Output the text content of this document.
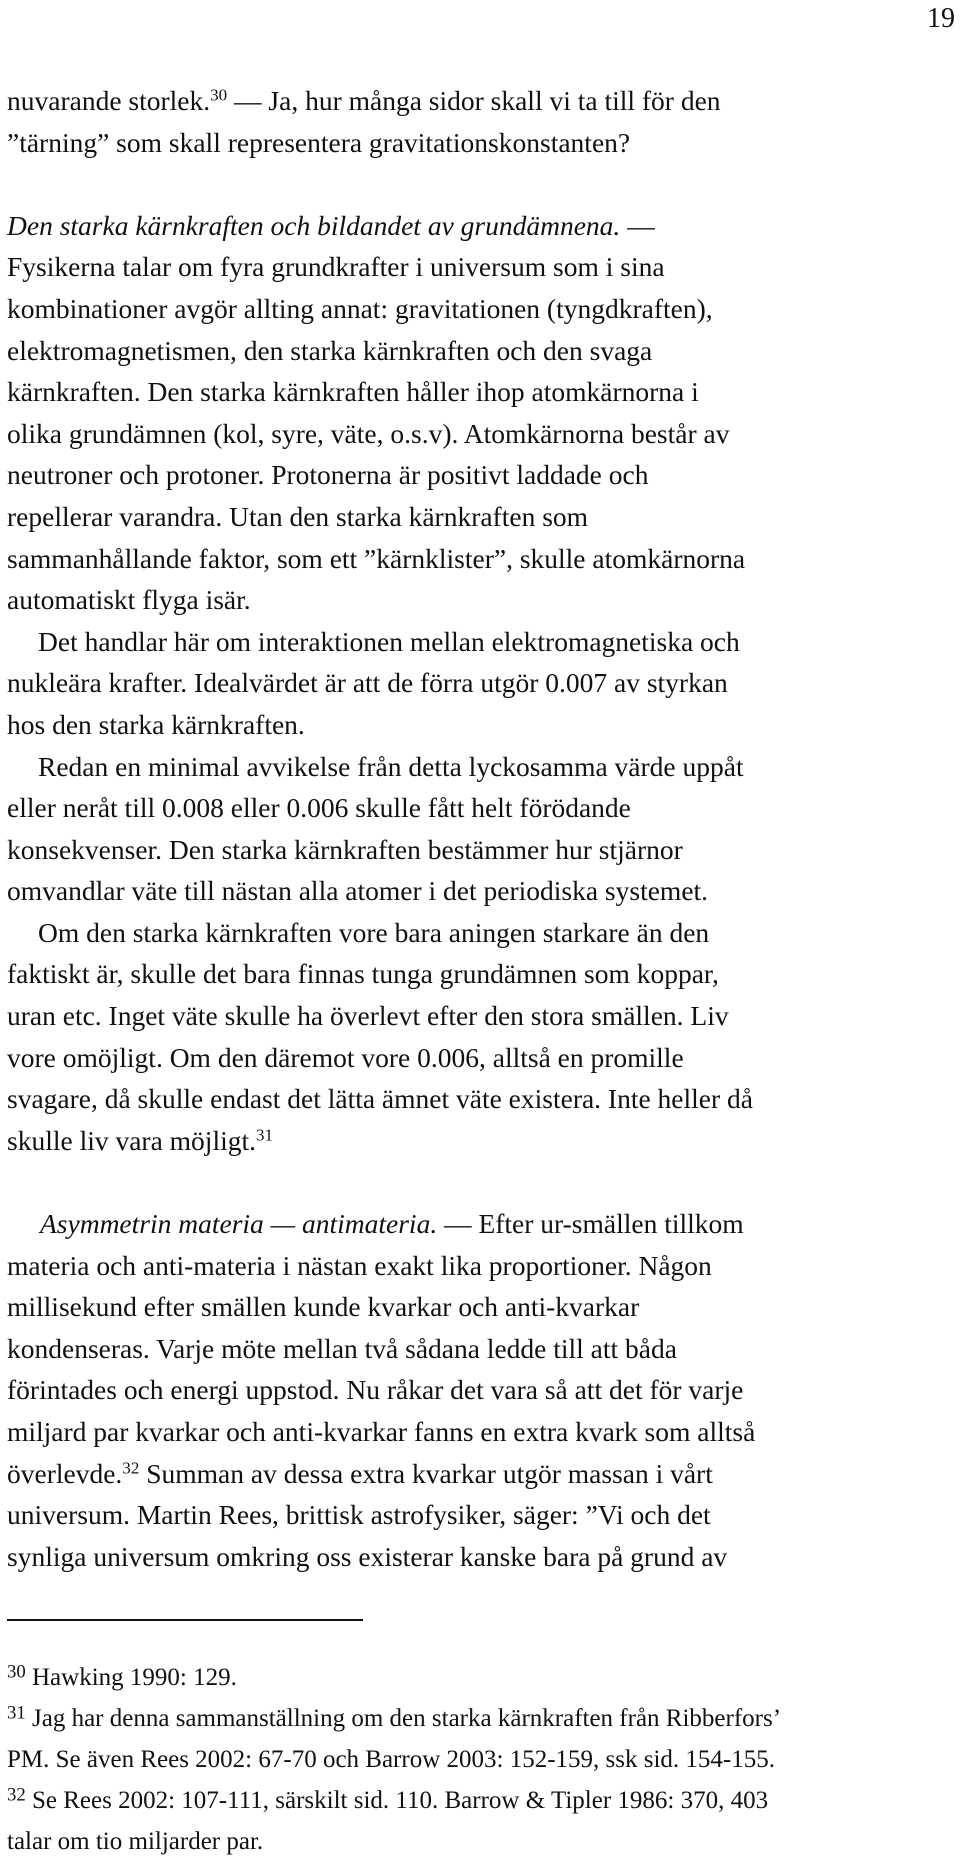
19
nuvarande storlek.$^{30}$ — Ja, hur många sidor skall vi ta till för den
”tärning” som skall representera gravitationskonstanten?
Den starka kärnkraften och bildandet av grundämnena. —
Fysikerna talar om fyra grundkrafter i universum som i sina
kombinationer avgör allting annat: gravitationen (tyngdkraften),
elektromagnetismen, den starka kärnkraften och den svaga
kärnkraften. Den starka kärnkraften håller ihop atomkärnorna i
olika grundämnen (kol, syre, väte, o.s.v). Atomkärnorna består av
neutroner och protoner. Protonerna är positivt laddade och
repellerar varandra. Utan den starka kärnkraften som
sammanhållande faktor, som ett ”kärnklister”, skulle atomkärnorna
automatiskt flyga isär.
Det handlar här om interaktionen mellan elektromagnetiska och
nukleära krafter. Idealvärdet är att de förra utgör 0.007 av styrkan
hos den starka kärnkraften.
Redan en minimal avvikelse från detta lyckosamma värde uppåt
eller neråt till 0.008 eller 0.006 skulle fått helt förödande
konsekvenser. Den starka kärnkraften bestämmer hur stjärnor
omvandlar väte till nästan alla atomer i det periodiska systemet.
Om den starka kärnkraften vore bara aningen starkare än den
faktiskt är, skulle det bara finnas tunga grundämnen som koppar,
uran etc. Inget väte skulle ha överlevt efter den stora smällen. Liv
vore omöjligt. Om den däremot vore 0.006, alltså en promille
svagare, då skulle endast det lätta ämnet väte existera. Inte heller då
skulle liv vara möjligt.$^{31}$
Asymmetrin materia — antimateria. — Efter ur-smällen tillkom
materia och anti-materia i nästan exakt lika proportioner. Någon
millisekund efter smällen kunde kvarkar och anti-kvarkar
kondenseras. Varje möte mellan två sådana ledde till att båda
förintades och energi uppstod. Nu råkar det vara så att det för varje
miljard par kvarkar och anti-kvarkar fanns en extra kvark som alltså
överlevde.$^{32}$ Summan av dessa extra kvarkar utgör massan i vårt
universum. Martin Rees, brittisk astrofysiker, säger: ”Vi och det
synliga universum omkring oss existerar kanske bara på grund av
$^{30}$ Hawking 1990: 129.
$^{31}$ Jag har denna sammanställning om den starka kärnkraften från Ribberfors’
PM. Se även Rees 2002: 67-70 och Barrow 2003: 152-159, ssk sid. 154-155.
$^{32}$ Se Rees 2002: 107-111, särskilt sid. 110. Barrow & Tipler 1986: 370, 403
talar om tio miljarder par.
